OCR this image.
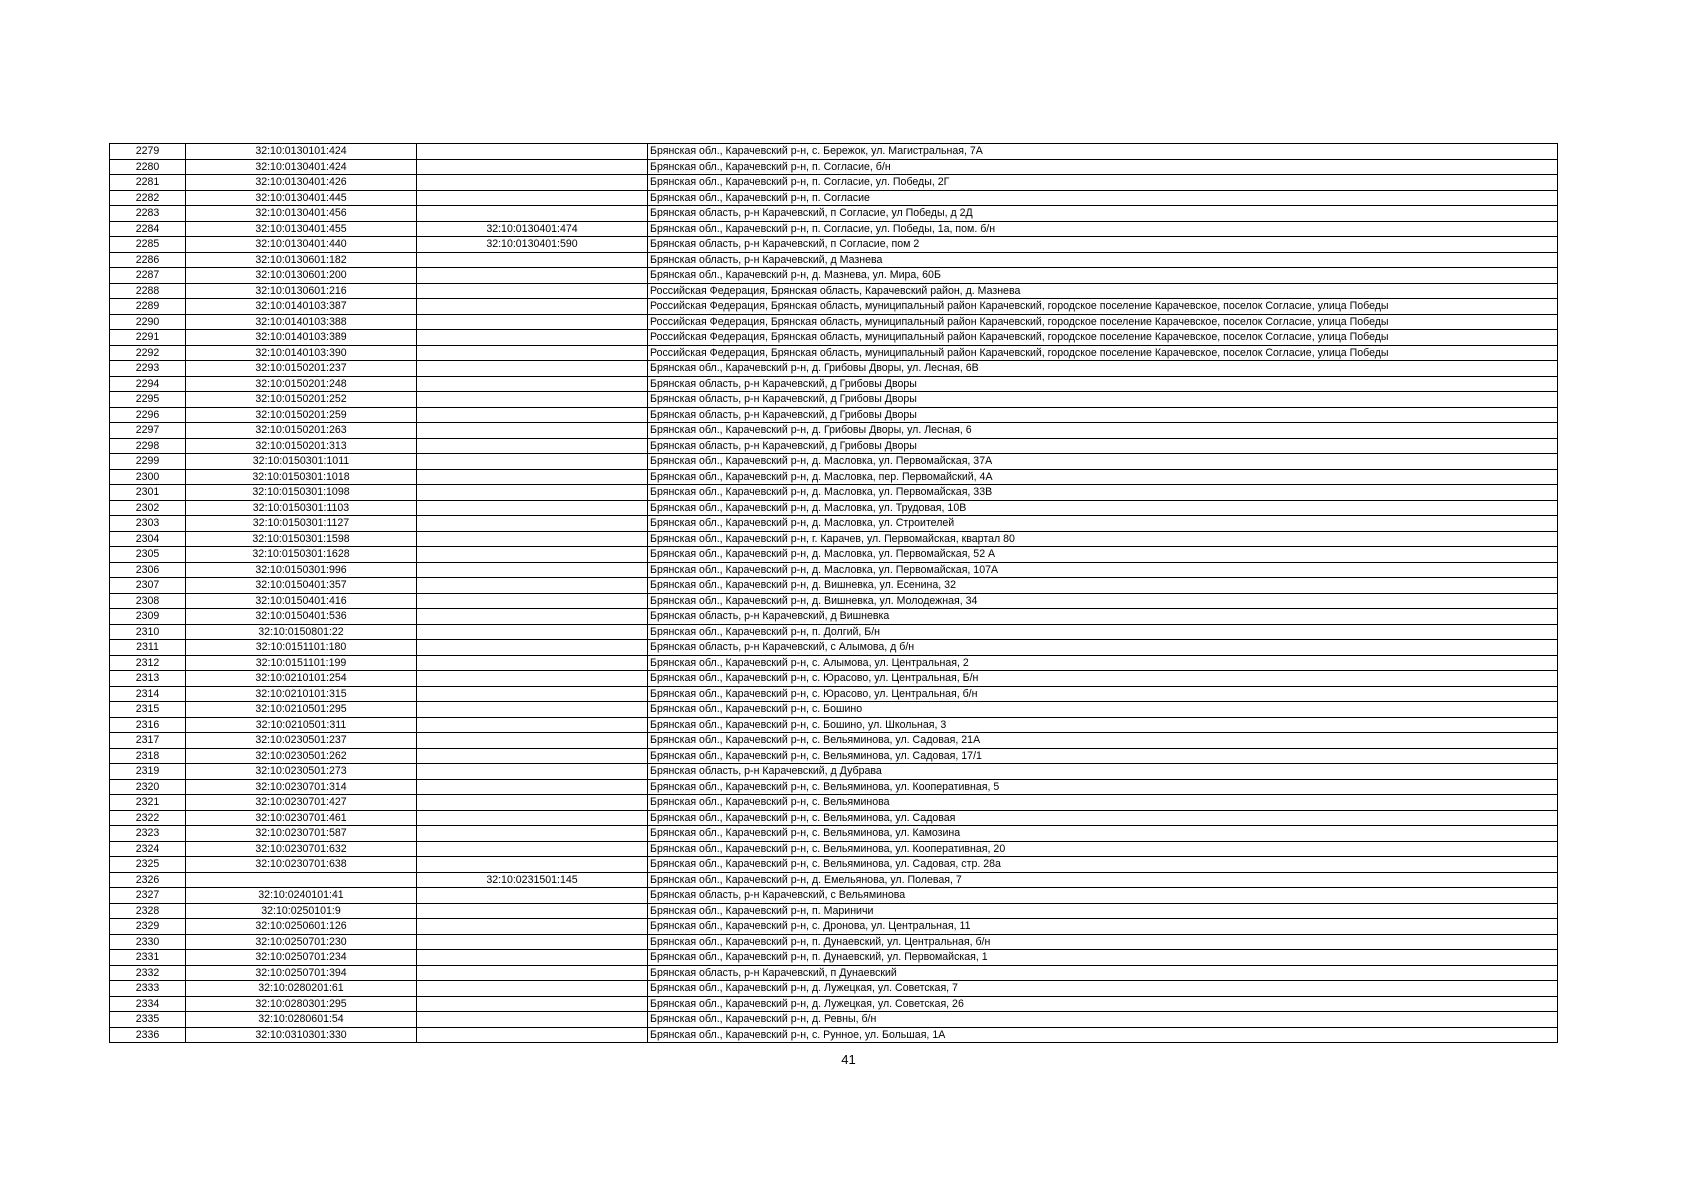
2279	32:10:0130101:424		Брянская обл., Карачевский р-н, с. Бережок, ул. Магистральная, 7А
2280	32:10:0130401:424		Брянская обл., Карачевский р-н, п. Согласие, б/н
2281	32:10:0130401:426		Брянская обл., Карачевский р-н, п. Согласие, ул. Победы, 2Г
2282	32:10:0130401:445		Брянская обл., Карачевский р-н, п. Согласие
2283	32:10:0130401:456		Брянская область, р-н Карачевский, п Согласие, ул Победы, д 2Д
2284	32:10:0130401:455	32:10:0130401:474	Брянская обл., Карачевский р-н, п. Согласие, ул. Победы, 1а, пом. б/н
2285	32:10:0130401:440	32:10:0130401:590	Брянская область, р-н Карачевский, п Согласие, пом 2
2286	32:10:0130601:182		Брянская область, р-н Карачевский, д Мазнева
2287	32:10:0130601:200		Брянская обл., Карачевский р-н, д. Мазнева, ул. Мира, 60Б
2288	32:10:0130601:216		Российская Федерация, Брянская область, Карачевский район, д. Мазнева
2289	32:10:0140103:387		Российская Федерация, Брянская область, муниципальный район Карачевский, городское поселение Карачевское, поселок Согласие, улица Победы
2290	32:10:0140103:388		Российская Федерация, Брянская область, муниципальный район Карачевский, городское поселение Карачевское, поселок Согласие, улица Победы
2291	32:10:0140103:389		Российская Федерация, Брянская область, муниципальный район Карачевский, городское поселение Карачевское, поселок Согласие, улица Победы
2292	32:10:0140103:390		Российская Федерация, Брянская область, муниципальный район Карачевский, городское поселение Карачевское, поселок Согласие, улица Победы
2293	32:10:0150201:237		Брянская обл., Карачевский р-н, д. Грибовы Дворы, ул. Лесная, 6В
2294	32:10:0150201:248		Брянская область, р-н Карачевский, д Грибовы Дворы
2295	32:10:0150201:252		Брянская область, р-н Карачевский, д Грибовы Дворы
2296	32:10:0150201:259		Брянская область, р-н Карачевский, д Грибовы Дворы
2297	32:10:0150201:263		Брянская обл., Карачевский р-н, д. Грибовы Дворы, ул. Лесная, 6
2298	32:10:0150201:313		Брянская область, р-н Карачевский, д Грибовы Дворы
2299	32:10:0150301:1011		Брянская обл., Карачевский р-н, д. Масловка, ул. Первомайская, 37А
2300	32:10:0150301:1018		Брянская обл., Карачевский р-н, д. Масловка, пер. Первомайский, 4А
2301	32:10:0150301:1098		Брянская обл., Карачевский р-н, д. Масловка, ул. Первомайская, 33В
2302	32:10:0150301:1103		Брянская обл., Карачевский р-н, д. Масловка, ул. Трудовая, 10В
2303	32:10:0150301:1127		Брянская обл., Карачевский р-н, д. Масловка, ул. Строителей
2304	32:10:0150301:1598		Брянская обл., Карачевский р-н, г. Карачев, ул. Первомайская, квартал 80
2305	32:10:0150301:1628		Брянская обл., Карачевский р-н, д. Масловка, ул. Первомайская, 52 А
2306	32:10:0150301:996		Брянская обл., Карачевский р-н, д. Масловка, ул. Первомайская, 107А
2307	32:10:0150401:357		Брянская обл., Карачевский р-н, д. Вишневка, ул. Есенина, 32
2308	32:10:0150401:416		Брянская обл., Карачевский р-н, д. Вишневка, ул. Молодежная, 34
2309	32:10:0150401:536		Брянская область, р-н Карачевский, д Вишневка
2310	32:10:0150801:22		Брянская обл., Карачевский р-н, п. Долгий, Б/н
2311	32:10:0151101:180		Брянская область, р-н Карачевский, с Алымова, д б/н
2312	32:10:0151101:199		Брянская обл., Карачевский р-н, с. Алымова, ул. Центральная, 2
2313	32:10:0210101:254		Брянская обл., Карачевский р-н, с. Юрасово, ул. Центральная, Б/н
2314	32:10:0210101:315		Брянская обл., Карачевский р-н, с. Юрасово, ул. Центральная, б/н
2315	32:10:0210501:295		Брянская обл., Карачевский р-н, с. Бошино
2316	32:10:0210501:311		Брянская обл., Карачевский р-н, с. Бошино, ул. Школьная, 3
2317	32:10:0230501:237		Брянская обл., Карачевский р-н, с. Вельяминова, ул. Садовая, 21А
2318	32:10:0230501:262		Брянская обл., Карачевский р-н, с. Вельяминова, ул. Садовая, 17/1
2319	32:10:0230501:273		Брянская область, р-н Карачевский, д Дубрава
2320	32:10:0230701:314		Брянская обл., Карачевский р-н, с. Вельяминова, ул. Кооперативная, 5
2321	32:10:0230701:427		Брянская обл., Карачевский р-н, с. Вельяминова
2322	32:10:0230701:461		Брянская обл., Карачевский р-н, с. Вельяминова, ул. Садовая
2323	32:10:0230701:587		Брянская обл., Карачевский р-н, с. Вельяминова, ул. Камозина
2324	32:10:0230701:632		Брянская обл., Карачевский р-н, с. Вельяминова, ул. Кооперативная, 20
2325	32:10:0230701:638		Брянская обл., Карачевский р-н, с. Вельяминова, ул. Садовая, стр. 28а
2326		32:10:0231501:145	Брянская обл., Карачевский р-н, д. Емельянова, ул. Полевая, 7
2327	32:10:0240101:41		Брянская область, р-н Карачевский, с Вельяминова
2328	32:10:0250101:9		Брянская обл., Карачевский р-н, п. Мариничи
2329	32:10:0250601:126		Брянская обл., Карачевский р-н, с. Дронова, ул. Центральная, 11
2330	32:10:0250701:230		Брянская обл., Карачевский р-н, п. Дунаевский, ул. Центральная, б/н
2331	32:10:0250701:234		Брянская обл., Карачевский р-н, п. Дунаевский, ул. Первомайская, 1
2332	32:10:0250701:394		Брянская область, р-н Карачевский, п Дунаевский
2333	32:10:0280201:61		Брянская обл., Карачевский р-н, д. Лужецкая, ул. Советская, 7
2334	32:10:0280301:295		Брянская обл., Карачевский р-н, д. Лужецкая, ул. Советская, 26
2335	32:10:0280601:54		Брянская обл., Карачевский р-н, д. Ревны, б/н
2336	32:10:0310301:330		Брянская обл., Карачевский р-н, с. Рунное, ул. Большая, 1А
41
